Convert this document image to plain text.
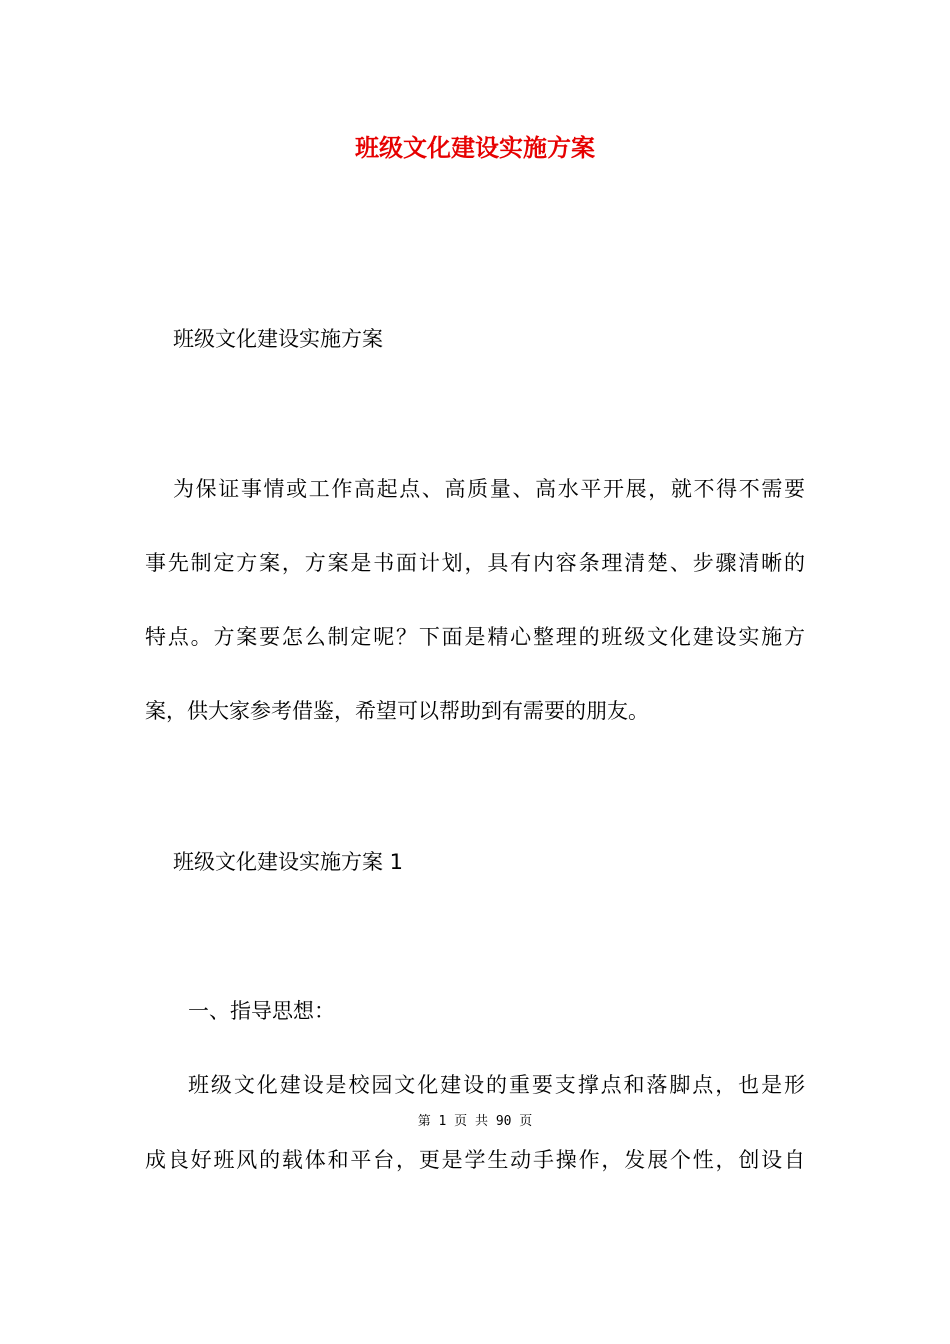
班级文化建设实施方案
班级文化建设实施方案
为保证事情或工作高起点、高质量、高水平开展，就不得不需要
事先制定方案，方案是书面计划，具有内容条理清楚、步骤清晰的
特点。方案要怎么制定呢？下面是精心整理的班级文化建设实施方
案，供大家参考借鉴，希望可以帮助到有需要的朋友。
班级文化建设实施方案 1
一、指导思想：
班级文化建设是校园文化建设的重要支撑点和落脚点，也是形
第 1 页 共 90 页
成良好班风的载体和平台，更是学生动手操作，发展个性，创设自
